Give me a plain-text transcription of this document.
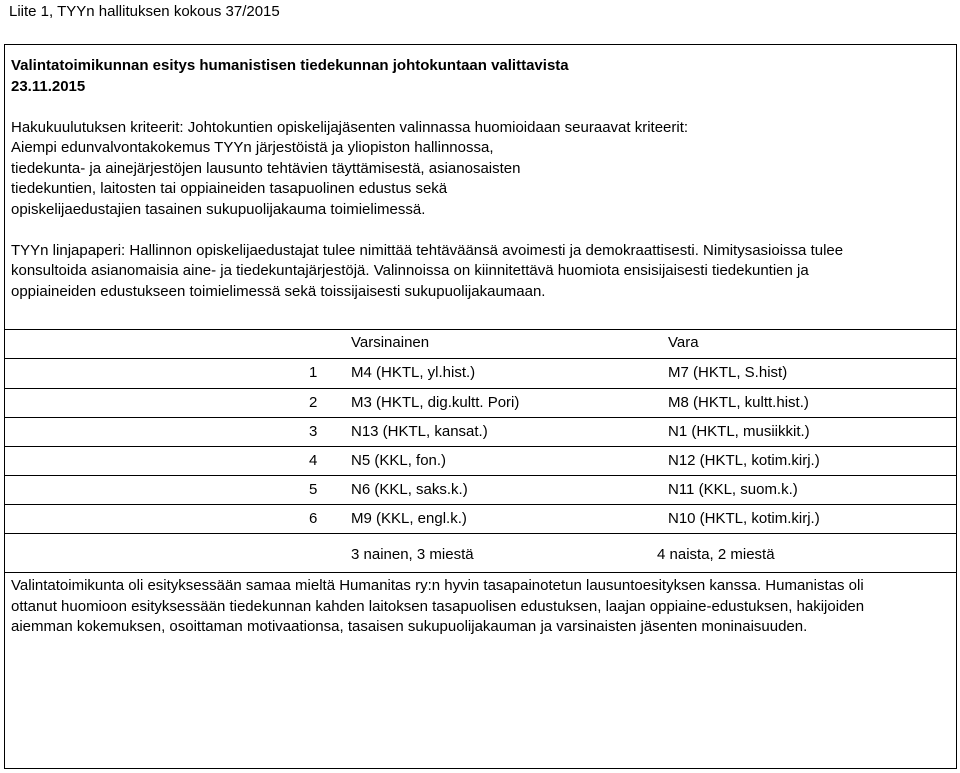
Liite 1, TYYn hallituksen kokous 37/2015

Valintatoimikunnan esitys humanistisen tiedekunnan johtokuntaan valittavista

23.11.2015

Hakukuulutuksen kriteerit: Johtokuntien opiskelijajäsenten valinnassa huomioidaan seuraavat kriteerit:

Aiempi edunvalvontakokemus TYYn järjestöistä ja yliopiston hallinnossa,

tiedekunta- ja ainejärjestöjen lausunto tehtävien täyttämisestä, asianosaisten

tiedekuntien, laitosten tai oppiaineiden tasapuolinen edustus sekä

opiskelijaedustajien tasainen sukupuolijakauma toimielimessä.

TYYn linjapaperi: Hallinnon opiskelijaedustajat tulee nimittää tehtäväänsä avoimesti ja demokraattisesti. Nimitysasioissa tulee

konsultoida asianomaisia aine- ja tiedekuntajärjestöjä. Valinnoissa on kiinnitettävä huomiota ensisijaisesti tiedekuntien ja

oppiaineiden edustukseen toimielimessä sekä toissijaisesti sukupuolijakaumaan.

Varsinainen	Vara
1 M4 (HKTL, yl.hist.)	M7 (HKTL, S.hist)
2 M3 (HKTL, dig.kultt. Pori)	M8 (HKTL, kultt.hist.)
3 N13 (HKTL, kansat.)	N1 (HKTL, musiikkit.)
4 N5 (KKL, fon.)	N12 (HKTL, kotim.kirj.)
5 N6 (KKL, saks.k.)	N11 (KKL, suom.k.)
6 M9 (KKL, engl.k.)	N10 (HKTL, kotim.kirj.)
3 nainen, 3 miestä	4 naista, 2 miestä

Valintatoimikunta oli esityksessään samaa mieltä Humanitas ry:n hyvin tasapainotetun lausuntoesityksen kanssa. Humanistas oli

ottanut huomioon esityksessään tiedekunnan kahden laitoksen tasapuolisen edustuksen, laajan oppiaine-edustuksen, hakijoiden

aiemman kokemuksen, osoittaman motivaationsa, tasaisen sukupuolijakauman ja varsinaisten jäsenten moninaisuuden.
